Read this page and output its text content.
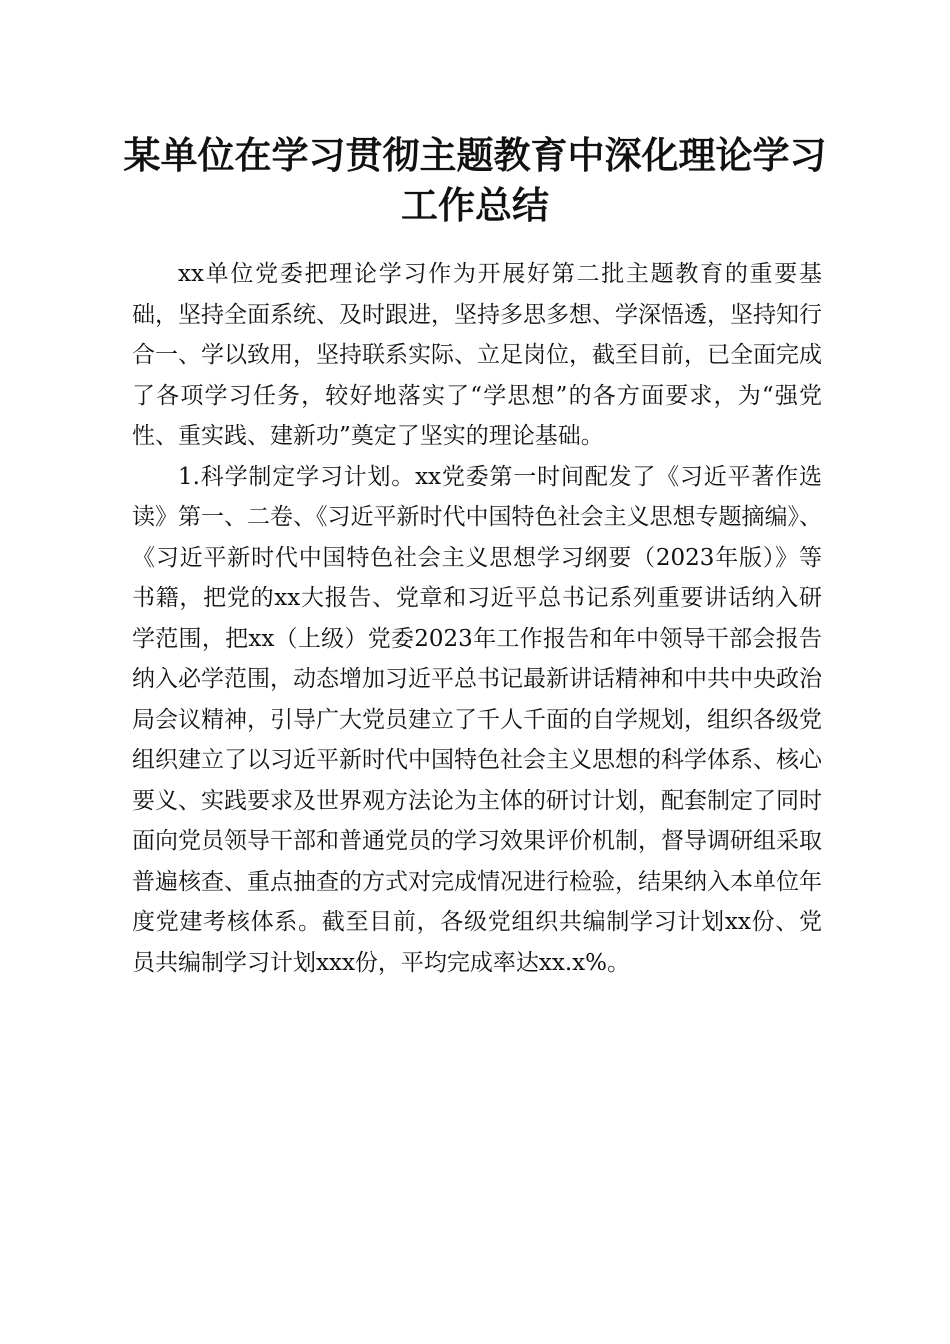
某单位在学习贯彻主题教育中深化理论学习工作总结

xx单位党委把理论学习作为开展好第二批主题教育的重要基础，坚持全面系统、及时跟进，坚持多思多想、学深悟透，坚持知行合一、学以致用，坚持联系实际、立足岗位，截至目前，已全面完成了各项学习任务，较好地落实了“学思想”的各方面要求，为“强党性、重实践、建新功”奠定了坚实的理论基础。

1.科学制定学习计划。xx党委第一时间配发了《习近平著作选读》第一、二卷、《习近平新时代中国特色社会主义思想专题摘编》、《习近平新时代中国特色社会主义思想学习纲要（2023年版）》等书籍，把党的xx大报告、党章和习近平总书记系列重要讲话纳入研学范围，把xx（上级）党委2023年工作报告和年中领导干部会报告纳入必学范围，动态增加习近平总书记最新讲话精神和中共中央政治局会议精神，引导广大党员建立了千人千面的自学规划，组织各级党组织建立了以习近平新时代中国特色社会主义思想的科学体系、核心要义、实践要求及世界观方法论为主体的研讨计划，配套制定了同时面向党员领导干部和普通党员的学习效果评价机制，督导调研组采取普遍核查、重点抽查的方式对完成情况进行检验，结果纳入本单位年度党建考核体系。截至目前，各级党组织共编制学习计划xx份、党员共编制学习计划xxx份，平均完成率达xx.x%。
